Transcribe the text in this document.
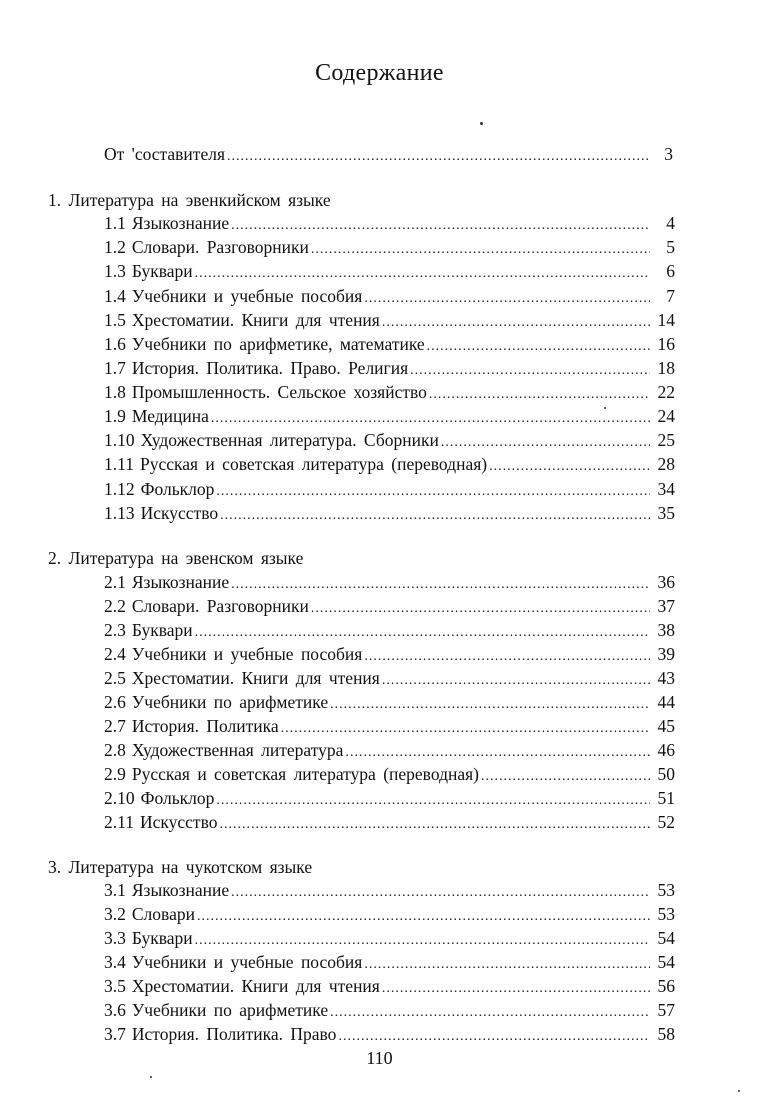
Содержание
От 'составителя .....	3
1. Литература на эвенкийском языке
1.1 Языкознание .....	4
1.2 Словари. Разговорники .....	5
1.3 Буквари .....	6
1.4 Учебники и учебные пособия .....	7
1.5 Хрестоматии. Книги для чтения .....	14
1.6 Учебники по арифметике, математике .....	16
1.7 История. Политика. Право. Религия .....	18
1.8 Промышленность. Сельское хозяйство .....	22
1.9 Медицина .....	24
1.10 Художественная литература. Сборники .....	25
1.11 Русская и советская литература (переводная) .....	28
1.12 Фольклор .....	34
1.13 Искусство .....	35
2. Литература на эвенском языке
2.1 Языкознание .....	36
2.2 Словари. Разговорники .....	37
2.3 Буквари .....	38
2.4 Учебники и учебные пособия .....	39
2.5 Хрестоматии. Книги для чтения .....	43
2.6 Учебники по арифметике .....	44
2.7 История. Политика .....	45
2.8 Художественная литература .....	46
2.9 Русская и советская литература (переводная) .....	50
2.10 Фольклор .....	51
2.11 Искусство .....	52
3. Литература на чукотском языке
3.1 Языкознание .....	53
3.2 Словари .....	53
3.3 Буквари .....	54
3.4 Учебники и учебные пособия .....	54
3.5 Хрестоматии. Книги для чтения .....	56
3.6 Учебники по арифметике .....	57
3.7 История. Политика. Право .....	58
110
